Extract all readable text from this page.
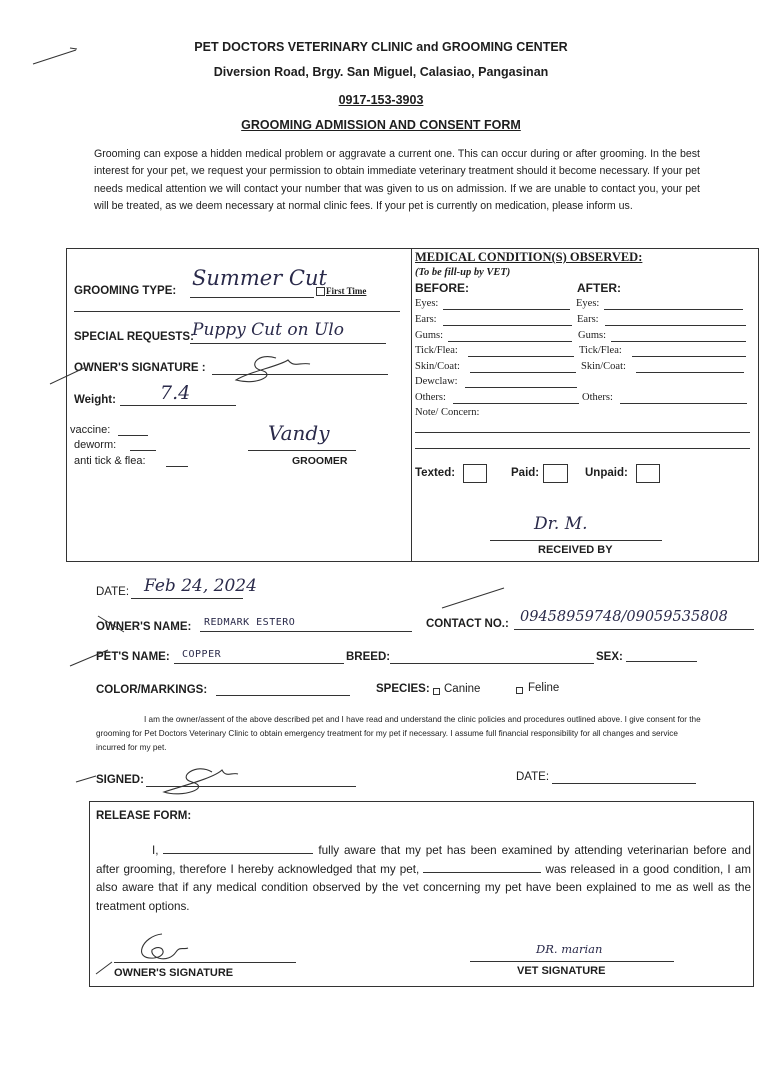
PET DOCTORS VETERINARY CLINIC and GROOMING CENTER
Diversion Road, Brgy. San Miguel, Calasiao, Pangasinan
0917-153-3903
GROOMING ADMISSION AND CONSENT FORM
Grooming can expose a hidden medical problem or aggravate a current one. This can occur during or after grooming. In the best interest for your pet, we request your permission to obtain immediate veterinary treatment should it become necessary. If your pet needs medical attention we will contact your number that was given to us on admission. If we are unable to contact you, your pet will be treated, as we deem necessary at normal clinic fees. If your pet is currently on medication, please inform us.
GROOMING TYPE:
Summer Cut
First Time
SPECIAL REQUESTS:
Puppy Cut on Ulo
OWNER'S SIGNATURE :
Weight: 7.4
vaccine:
deworm:
anti tick & flea:
Vandy
GROOMER
MEDICAL CONDITION(S) OBSERVED:
(To be fill-up by VET)
BEFORE:	AFTER:
Eyes:	Eyes:
Ears:	Ears:
Gums:	Gums:
Tick/Flea:	Tick/Flea:
Skin/Coat:	Skin/Coat:
Dewclaw:
Others:	Others:
Note/ Concern:
Texted:	Paid:	Unpaid:
Dr. M.
RECEIVED BY
DATE: Feb 24, 2024
OWNER'S NAME: REDMARK ESTERO	CONTACT NO.: 09458959748/09059535808
PET'S NAME: COPPER	BREED:	SEX:
COLOR/MARKINGS:	SPECIES: Canine	Feline
I am the owner/assent of the above described pet and I have read and understand the clinic policies and procedures outlined above. I give consent for the grooming for Pet Doctors Veterinary Clinic to obtain emergency treatment for my pet if necessary. I assume full financial responsibility for all changes and service incurred for my pet.
SIGNED:	DATE:
RELEASE FORM:
I,	fully aware that my pet has been examined by attending veterinarian before and after grooming, therefore I hereby acknowledged that my pet,	was released in a good condition, I am also aware that if any medical condition observed by the vet concerning my pet have been explained to me as well as the treatment options.
OWNER'S SIGNATURE
DR. marian
VET SIGNATURE
